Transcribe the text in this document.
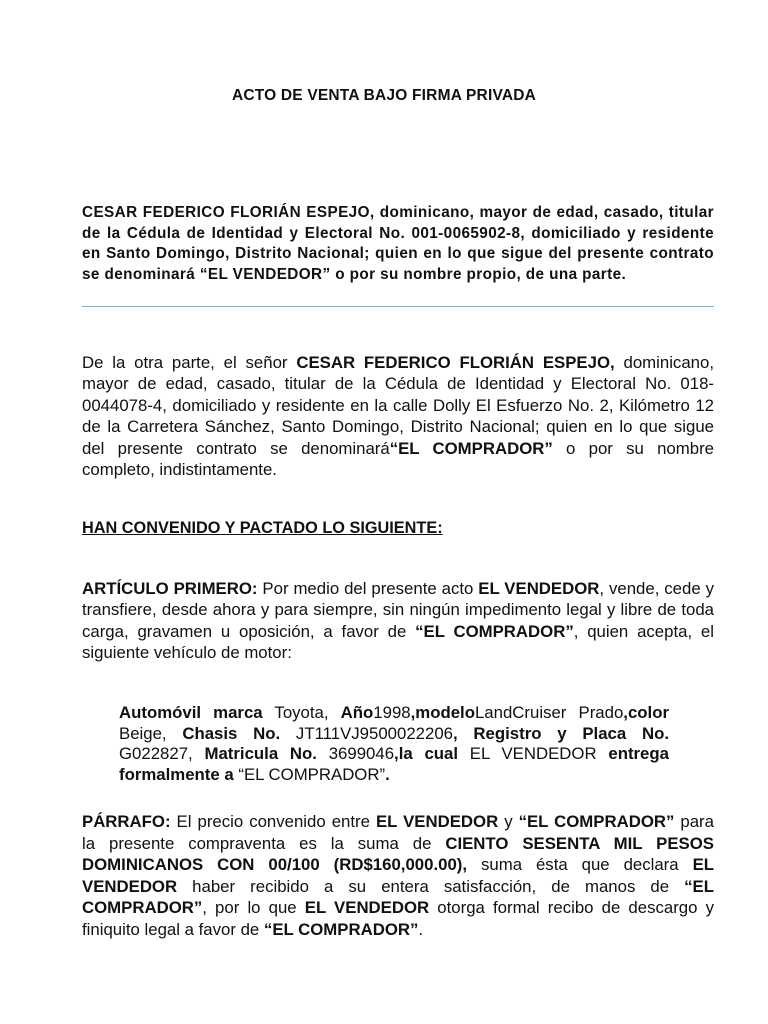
ACTO DE VENTA BAJO FIRMA PRIVADA
CESAR FEDERICO FLORIÁN ESPEJO, dominicano, mayor de edad, casado, titular de la Cédula de Identidad y Electoral No. 001-0065902-8, domiciliado y residente en Santo Domingo, Distrito Nacional; quien en lo que sigue del presente contrato se denominará “EL VENDEDOR” o por su nombre propio, de una parte.
De la otra parte, el señor CESAR FEDERICO FLORIÁN ESPEJO, dominicano, mayor de edad, casado, titular de la Cédula de Identidad y Electoral No. 018-0044078-4, domiciliado y residente en la calle Dolly El Esfuerzo No. 2, Kilómetro 12 de la Carretera Sánchez, Santo Domingo, Distrito Nacional; quien en lo que sigue del presente contrato se denominará“EL COMPRADOR” o por su nombre completo, indistintamente.
HAN CONVENIDO Y PACTADO LO SIGUIENTE:
ARTÍCULO PRIMERO: Por medio del presente acto EL VENDEDOR, vende, cede y transfiere, desde ahora y para siempre, sin ningún impedimento legal y libre de toda carga, gravamen u oposición, a favor de “EL COMPRADOR”, quien acepta, el siguiente vehículo de motor:
Automóvil marca Toyota, Año1998,modeloLandCruiser Prado,color Beige, Chasis No. JT111VJ9500022206, Registro y Placa No. G022827, Matricula No. 3699046,la cual EL VENDEDOR entrega formalmente a “EL COMPRADOR”.
PÁRRAFO: El precio convenido entre EL VENDEDOR y “EL COMPRADOR” para la presente compraventa es la suma de CIENTO SESENTA MIL PESOS DOMINICANOS CON 00/100 (RD$160,000.00), suma ésta que declara EL VENDEDOR haber recibido a su entera satisfacción, de manos de “EL COMPRADOR”, por lo que EL VENDEDOR otorga formal recibo de descargo y finiquito legal a favor de “EL COMPRADOR”.
